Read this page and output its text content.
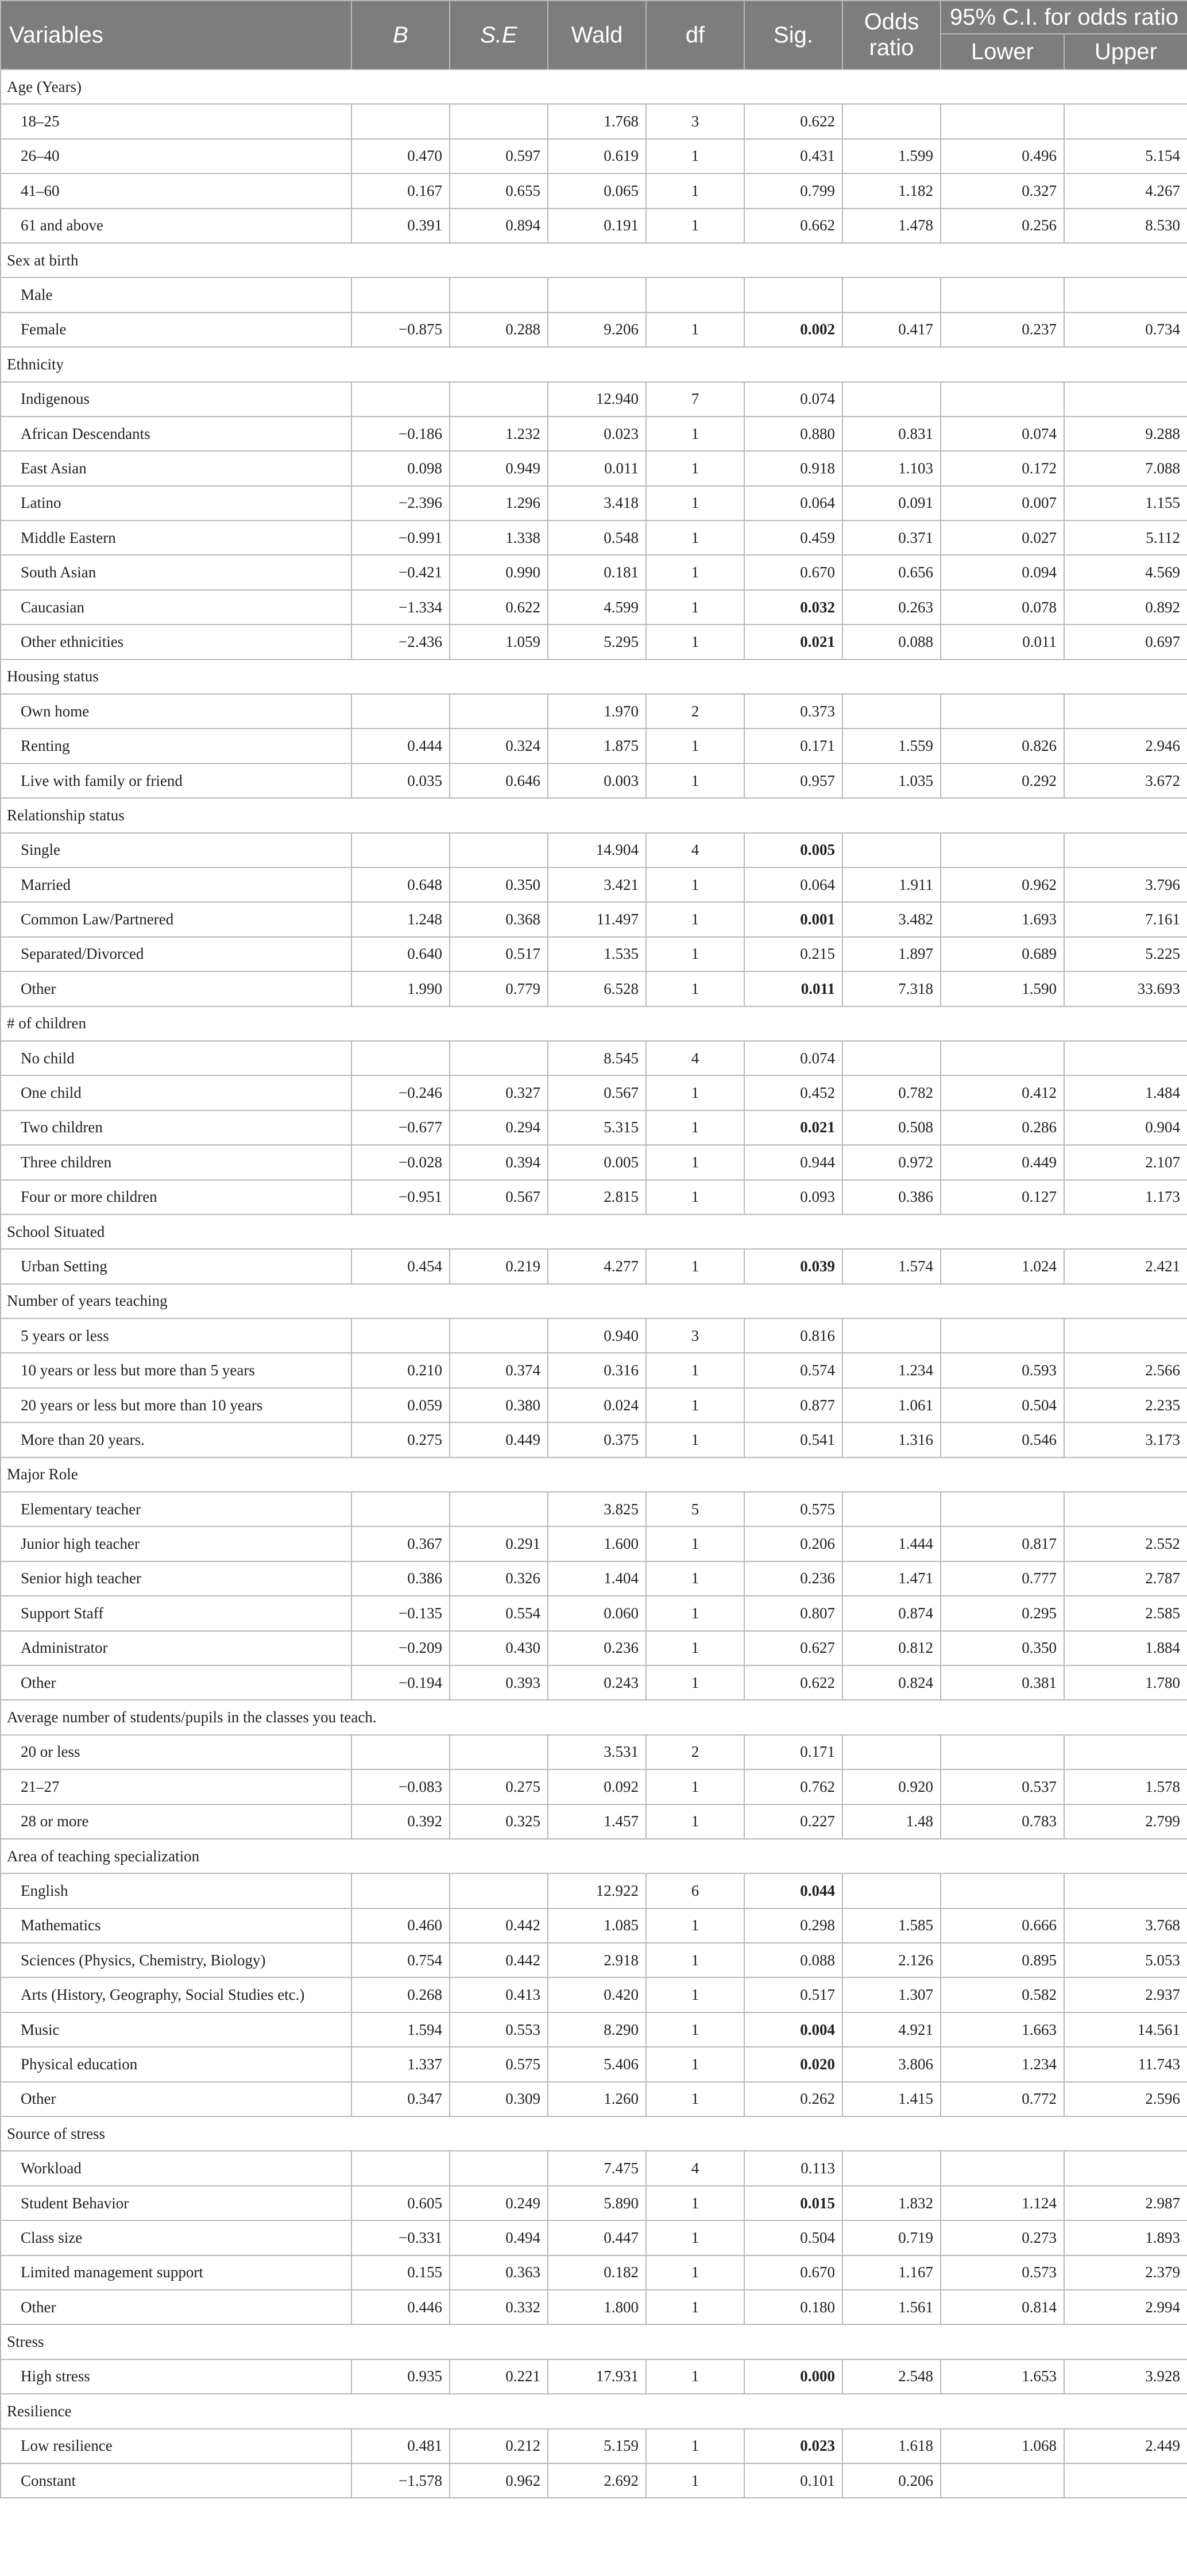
Variables	B	S.E	Wald	df	Sig.	Odds ratio	95% C.I. for odds ratio	
							Lower	Upper
Age (Years)								
18–25			1.768	3	0.622			
26–40	0.470	0.597	0.619	1	0.431	1.599	0.496	5.154
41–60	0.167	0.655	0.065	1	0.799	1.182	0.327	4.267
61 and above	0.391	0.894	0.191	1	0.662	1.478	0.256	8.530
Sex at birth								
Male								
Female	−0.875	0.288	9.206	1	0.002	0.417	0.237	0.734
Ethnicity								
Indigenous			12.940	7	0.074			
African Descendants	−0.186	1.232	0.023	1	0.880	0.831	0.074	9.288
East Asian	0.098	0.949	0.011	1	0.918	1.103	0.172	7.088
Latino	−2.396	1.296	3.418	1	0.064	0.091	0.007	1.155
Middle Eastern	−0.991	1.338	0.548	1	0.459	0.371	0.027	5.112
South Asian	−0.421	0.990	0.181	1	0.670	0.656	0.094	4.569
Caucasian	−1.334	0.622	4.599	1	0.032	0.263	0.078	0.892
Other ethnicities	−2.436	1.059	5.295	1	0.021	0.088	0.011	0.697
Housing status								
Own home			1.970	2	0.373			
Renting	0.444	0.324	1.875	1	0.171	1.559	0.826	2.946
Live with family or friend	0.035	0.646	0.003	1	0.957	1.035	0.292	3.672
Relationship status								
Single			14.904	4	0.005			
Married	0.648	0.350	3.421	1	0.064	1.911	0.962	3.796
Common Law/Partnered	1.248	0.368	11.497	1	0.001	3.482	1.693	7.161
Separated/Divorced	0.640	0.517	1.535	1	0.215	1.897	0.689	5.225
Other	1.990	0.779	6.528	1	0.011	7.318	1.590	33.693
# of children								
No child			8.545	4	0.074			
One child	−0.246	0.327	0.567	1	0.452	0.782	0.412	1.484
Two children	−0.677	0.294	5.315	1	0.021	0.508	0.286	0.904
Three children	−0.028	0.394	0.005	1	0.944	0.972	0.449	2.107
Four or more children	−0.951	0.567	2.815	1	0.093	0.386	0.127	1.173
School Situated								
Urban Setting	0.454	0.219	4.277	1	0.039	1.574	1.024	2.421
Number of years teaching								
5 years or less			0.940	3	0.816			
10 years or less but more than 5 years	0.210	0.374	0.316	1	0.574	1.234	0.593	2.566
20 years or less but more than 10 years	0.059	0.380	0.024	1	0.877	1.061	0.504	2.235
More than 20 years.	0.275	0.449	0.375	1	0.541	1.316	0.546	3.173
Major Role								
Elementary teacher			3.825	5	0.575			
Junior high teacher	0.367	0.291	1.600	1	0.206	1.444	0.817	2.552
Senior high teacher	0.386	0.326	1.404	1	0.236	1.471	0.777	2.787
Support Staff	−0.135	0.554	0.060	1	0.807	0.874	0.295	2.585
Administrator	−0.209	0.430	0.236	1	0.627	0.812	0.350	1.884
Other	−0.194	0.393	0.243	1	0.622	0.824	0.381	1.780
Average number of students/pupils in the classes you teach.								
20 or less			3.531	2	0.171			
21–27	−0.083	0.275	0.092	1	0.762	0.920	0.537	1.578
28 or more	0.392	0.325	1.457	1	0.227	1.48	0.783	2.799
Area of teaching specialization								
English			12.922	6	0.044			
Mathematics	0.460	0.442	1.085	1	0.298	1.585	0.666	3.768
Sciences (Physics, Chemistry, Biology)	0.754	0.442	2.918	1	0.088	2.126	0.895	5.053
Arts (History, Geography, Social Studies etc.)	0.268	0.413	0.420	1	0.517	1.307	0.582	2.937
Music	1.594	0.553	8.290	1	0.004	4.921	1.663	14.561
Physical education	1.337	0.575	5.406	1	0.020	3.806	1.234	11.743
Other	0.347	0.309	1.260	1	0.262	1.415	0.772	2.596
Source of stress								
Workload			7.475	4	0.113			
Student Behavior	0.605	0.249	5.890	1	0.015	1.832	1.124	2.987
Class size	−0.331	0.494	0.447	1	0.504	0.719	0.273	1.893
Limited management support	0.155	0.363	0.182	1	0.670	1.167	0.573	2.379
Other	0.446	0.332	1.800	1	0.180	1.561	0.814	2.994
Stress								
High stress	0.935	0.221	17.931	1	0.000	2.548	1.653	3.928
Resilience								
Low resilience	0.481	0.212	5.159	1	0.023	1.618	1.068	2.449
Constant	−1.578	0.962	2.692	1	0.101	0.206		
